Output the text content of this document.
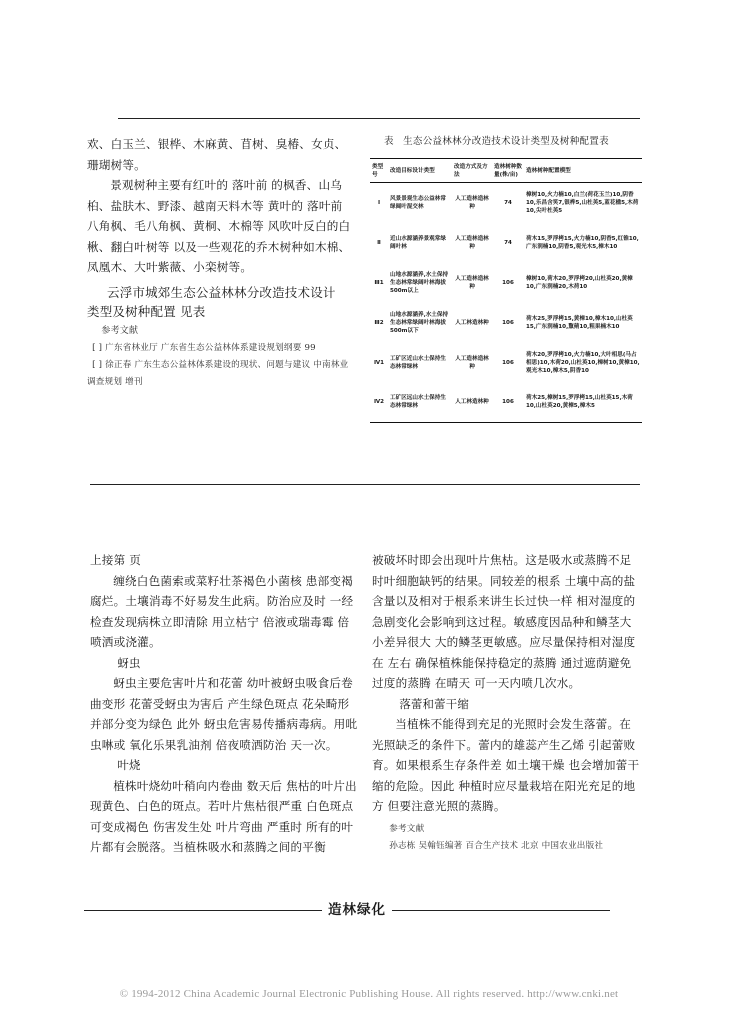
欢、白玉兰、银桦、木麻黄、苜树、臭椿、女贞、珊瑚树等。

景观树种主要有红叶的 落叶前 的枫香、山乌桕、盐肤木、野漆、越南天料木等 黄叶的 落叶前 八角枫、毛八角枫、黄桐、木棉等 风吹叶反白的白楸、翻白叶树等 以及一些观花的乔木树种如木棉、凤凰木、大叶紫薇、小栾树等。

云浮市城郊生态公益林林分改造技术设计

类型及树种配置 见表

参考文献

[ ] 广东省林业厅 广东省生态公益林体系建设规划纲要 99

[ ] 徐正春 广东生态公益林体系建设的现状、问题与建议 中南林业调查规划 增刊

表 生态公益林林分改造技术设计类型及树种配置表
类型号	改造目标设计类型	改造方式及方法	造林树种数量(株/亩)	造林树种配置模型
Ⅰ	风景景观生态公益林常绿阔叶混交林	人工造林造林种	74	樟树10,火力楠10,白兰(荷花玉兰)10,阴香10,乐昌含笑7,银桦5,山杜英5,蓝花楹5,木荷10,尖叶杜英5
Ⅱ	近山水源涵养景观常绿阔叶林	人工造林造林种	74	荷木15,罗浮栲15,火力楠10,阴香5,红锥10,广东润楠10,阴香5,观光木5,樟木10
Ⅲ1	山地水源涵养,水土保持生态林常绿阔叶林海拔500m以上	人工造林造林种	106	樟树10,荷木20,罗浮栲20,山杜英20,黄樟10,广东润楠20,木荷10
Ⅲ2	山地水源涵养,水土保持生态林常绿阔叶林海拔500m以下	人工林造林种	106	荷木25,罗浮栲15,黄樟10,樟木10,山杜英15,广东润楠10,黧蒴10,粗果楠木10
Ⅳ1	工矿区近山水土保持生态林常绿林	人工造林造林种	106	荷木20,罗浮栲10,火力楠10,大叶相思(马占相思)10,木荷20,山杜英10,樟树10,黄樟10,观光木10,樟木5,阴香10
Ⅳ2	工矿区远山水土保持生态林常绿林	人工林造林种	106	荷木25,樟树15,罗浮栲15,山杜英15,木荷10,山杜英20,黄樟5,樟木5

上接第 页

缠绕白色菌索或菜籽壮茶褐色小菌核 患部变褐腐烂。土壤消毒不好易发生此病。防治应及时 一经检查发现病株立即清除 用立枯宁 倍液或瑞毒霉 倍喷洒或浇灌。

蚜虫

蚜虫主要危害叶片和花蕾 幼叶被蚜虫吸食后卷曲变形 花蕾受蚜虫为害后 产生绿色斑点 花朵畸形并部分变为绿色 此外 蚜虫危害易传播病毒病。用吡虫啉或 氧化乐果乳油剂 倍夜喷洒防治 天一次。

叶烧

植株叶烧幼叶稍向内卷曲 数天后 焦枯的叶片出现黄色、白色的斑点。若叶片焦枯很严重 白色斑点可变成褐色 伤害发生处 叶片弯曲 严重时 所有的叶片都有会脱落。当植株吸水和蒸腾之间的平衡

被破坏时即会出现叶片焦枯。这是吸水或蒸腾不足时叶细胞缺钙的结果。同较差的根系 土壤中高的盐含量以及相对于根系来讲生长过快一样 相对湿度的急剧变化会影响到这过程。敏感度因品种和鳞茎大小差异很大 大的鳞茎更敏感。应尽量保持相对湿度在 左右 确保植株能保持稳定的蒸腾 通过遮荫避免过度的蒸腾 在晴天 可一天内喷几次水。

落蕾和蕾干缩

当植株不能得到充足的光照时会发生落蕾。在光照缺乏的条件下。蕾内的雄蕊产生乙烯 引起蕾败育。如果根系生存条件差 如土壤干燥 也会增加蕾干缩的危险。因此 种植时应尽量栽培在阳光充足的地方 但要注意光照的蒸腾。

参考文献

孙志栋 吴翰钰编著 百合生产技术 北京 中国农业出版社

造林绿化
© 1994-2012 China Academic Journal Electronic Publishing House. All rights reserved. http://www.cnki.net
